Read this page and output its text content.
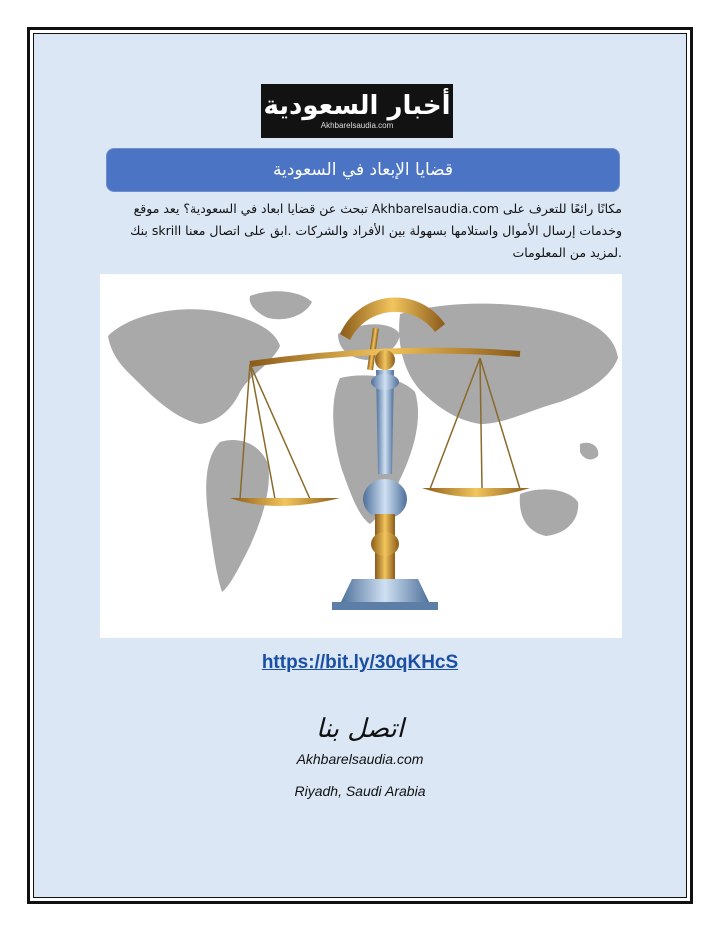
أخبار السعودية
Akhbarelsaudia.com
قضايا الإبعاد في السعودية
مكانًا رائعًا للتعرف على Akhbarelsaudia.com تبحث عن قضايا ابعاد في السعودية؟ يعد موقع
وخدمات إرسال الأموال واستلامها بسهولة بين الأفراد والشركات .ابق على اتصال معنا skrill بنك
.لمزيد من المعلومات
https://bit.ly/30qKHcS
اتصل بنا
Akhbarelsaudia.com
Riyadh, Saudi Arabia
